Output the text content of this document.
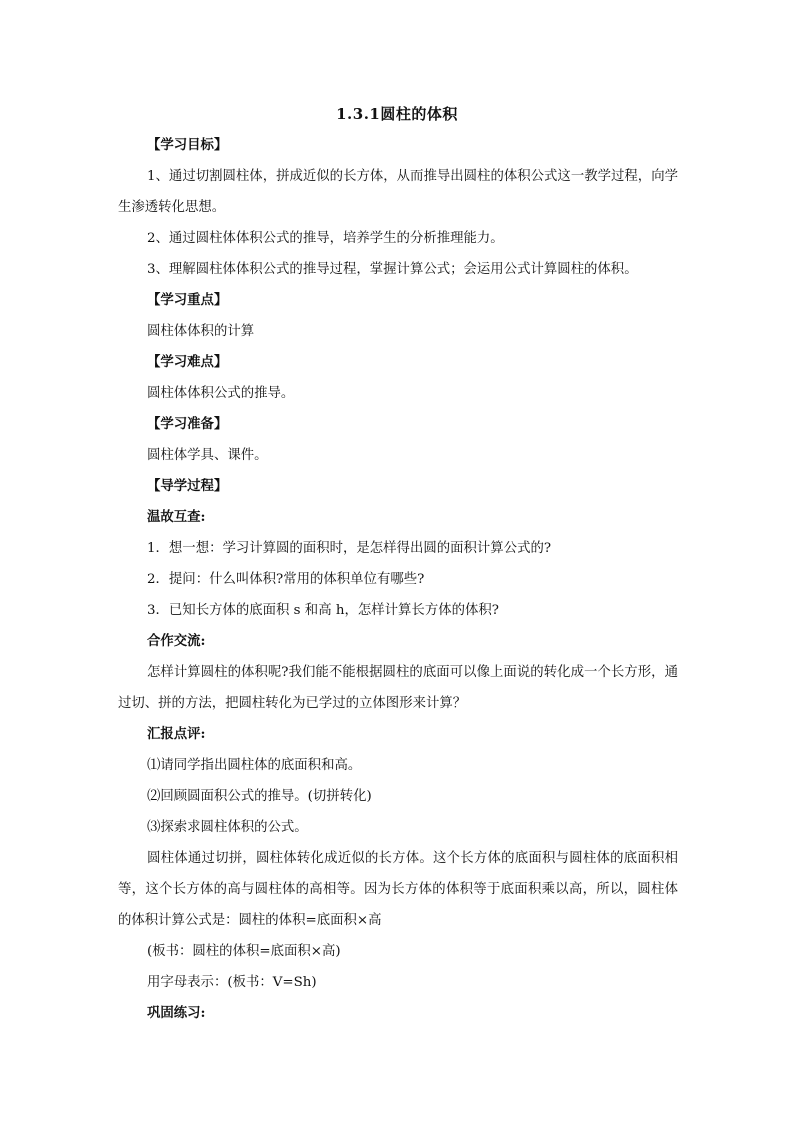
1.3.1圆柱的体积
【学习目标】
1、通过切割圆柱体，拼成近似的长方体，从而推导出圆柱的体积公式这一教学过程，向学生渗透转化思想。
2、通过圆柱体体积公式的推导，培养学生的分析推理能力。
3、理解圆柱体体积公式的推导过程，掌握计算公式；会运用公式计算圆柱的体积。
【学习重点】
圆柱体体积的计算
【学习难点】
圆柱体体积公式的推导。
【学习准备】
圆柱体学具、课件。
【导学过程】
温故互查:
1．想一想：学习计算圆的面积时，是怎样得出圆的面积计算公式的?
2．提问：什么叫体积?常用的体积单位有哪些?
3．已知长方体的底面积 s 和高 h，怎样计算长方体的体积?
合作交流:
怎样计算圆柱的体积呢?我们能不能根据圆柱的底面可以像上面说的转化成一个长方形，通过切、拼的方法，把圆柱转化为已学过的立体图形来计算？
汇报点评:
⑴请同学指出圆柱体的底面积和高。
⑵回顾圆面积公式的推导。(切拼转化)
⑶探索求圆柱体积的公式。
圆柱体通过切拼，圆柱体转化成近似的长方体。这个长方体的底面积与圆柱体的底面积相等，这个长方体的高与圆柱体的高相等。因为长方体的体积等于底面积乘以高，所以，圆柱体的体积计算公式是：圆柱的体积=底面积×高
(板书：圆柱的体积=底面积×高)
用字母表示：(板书：V=Sh)
巩固练习:
